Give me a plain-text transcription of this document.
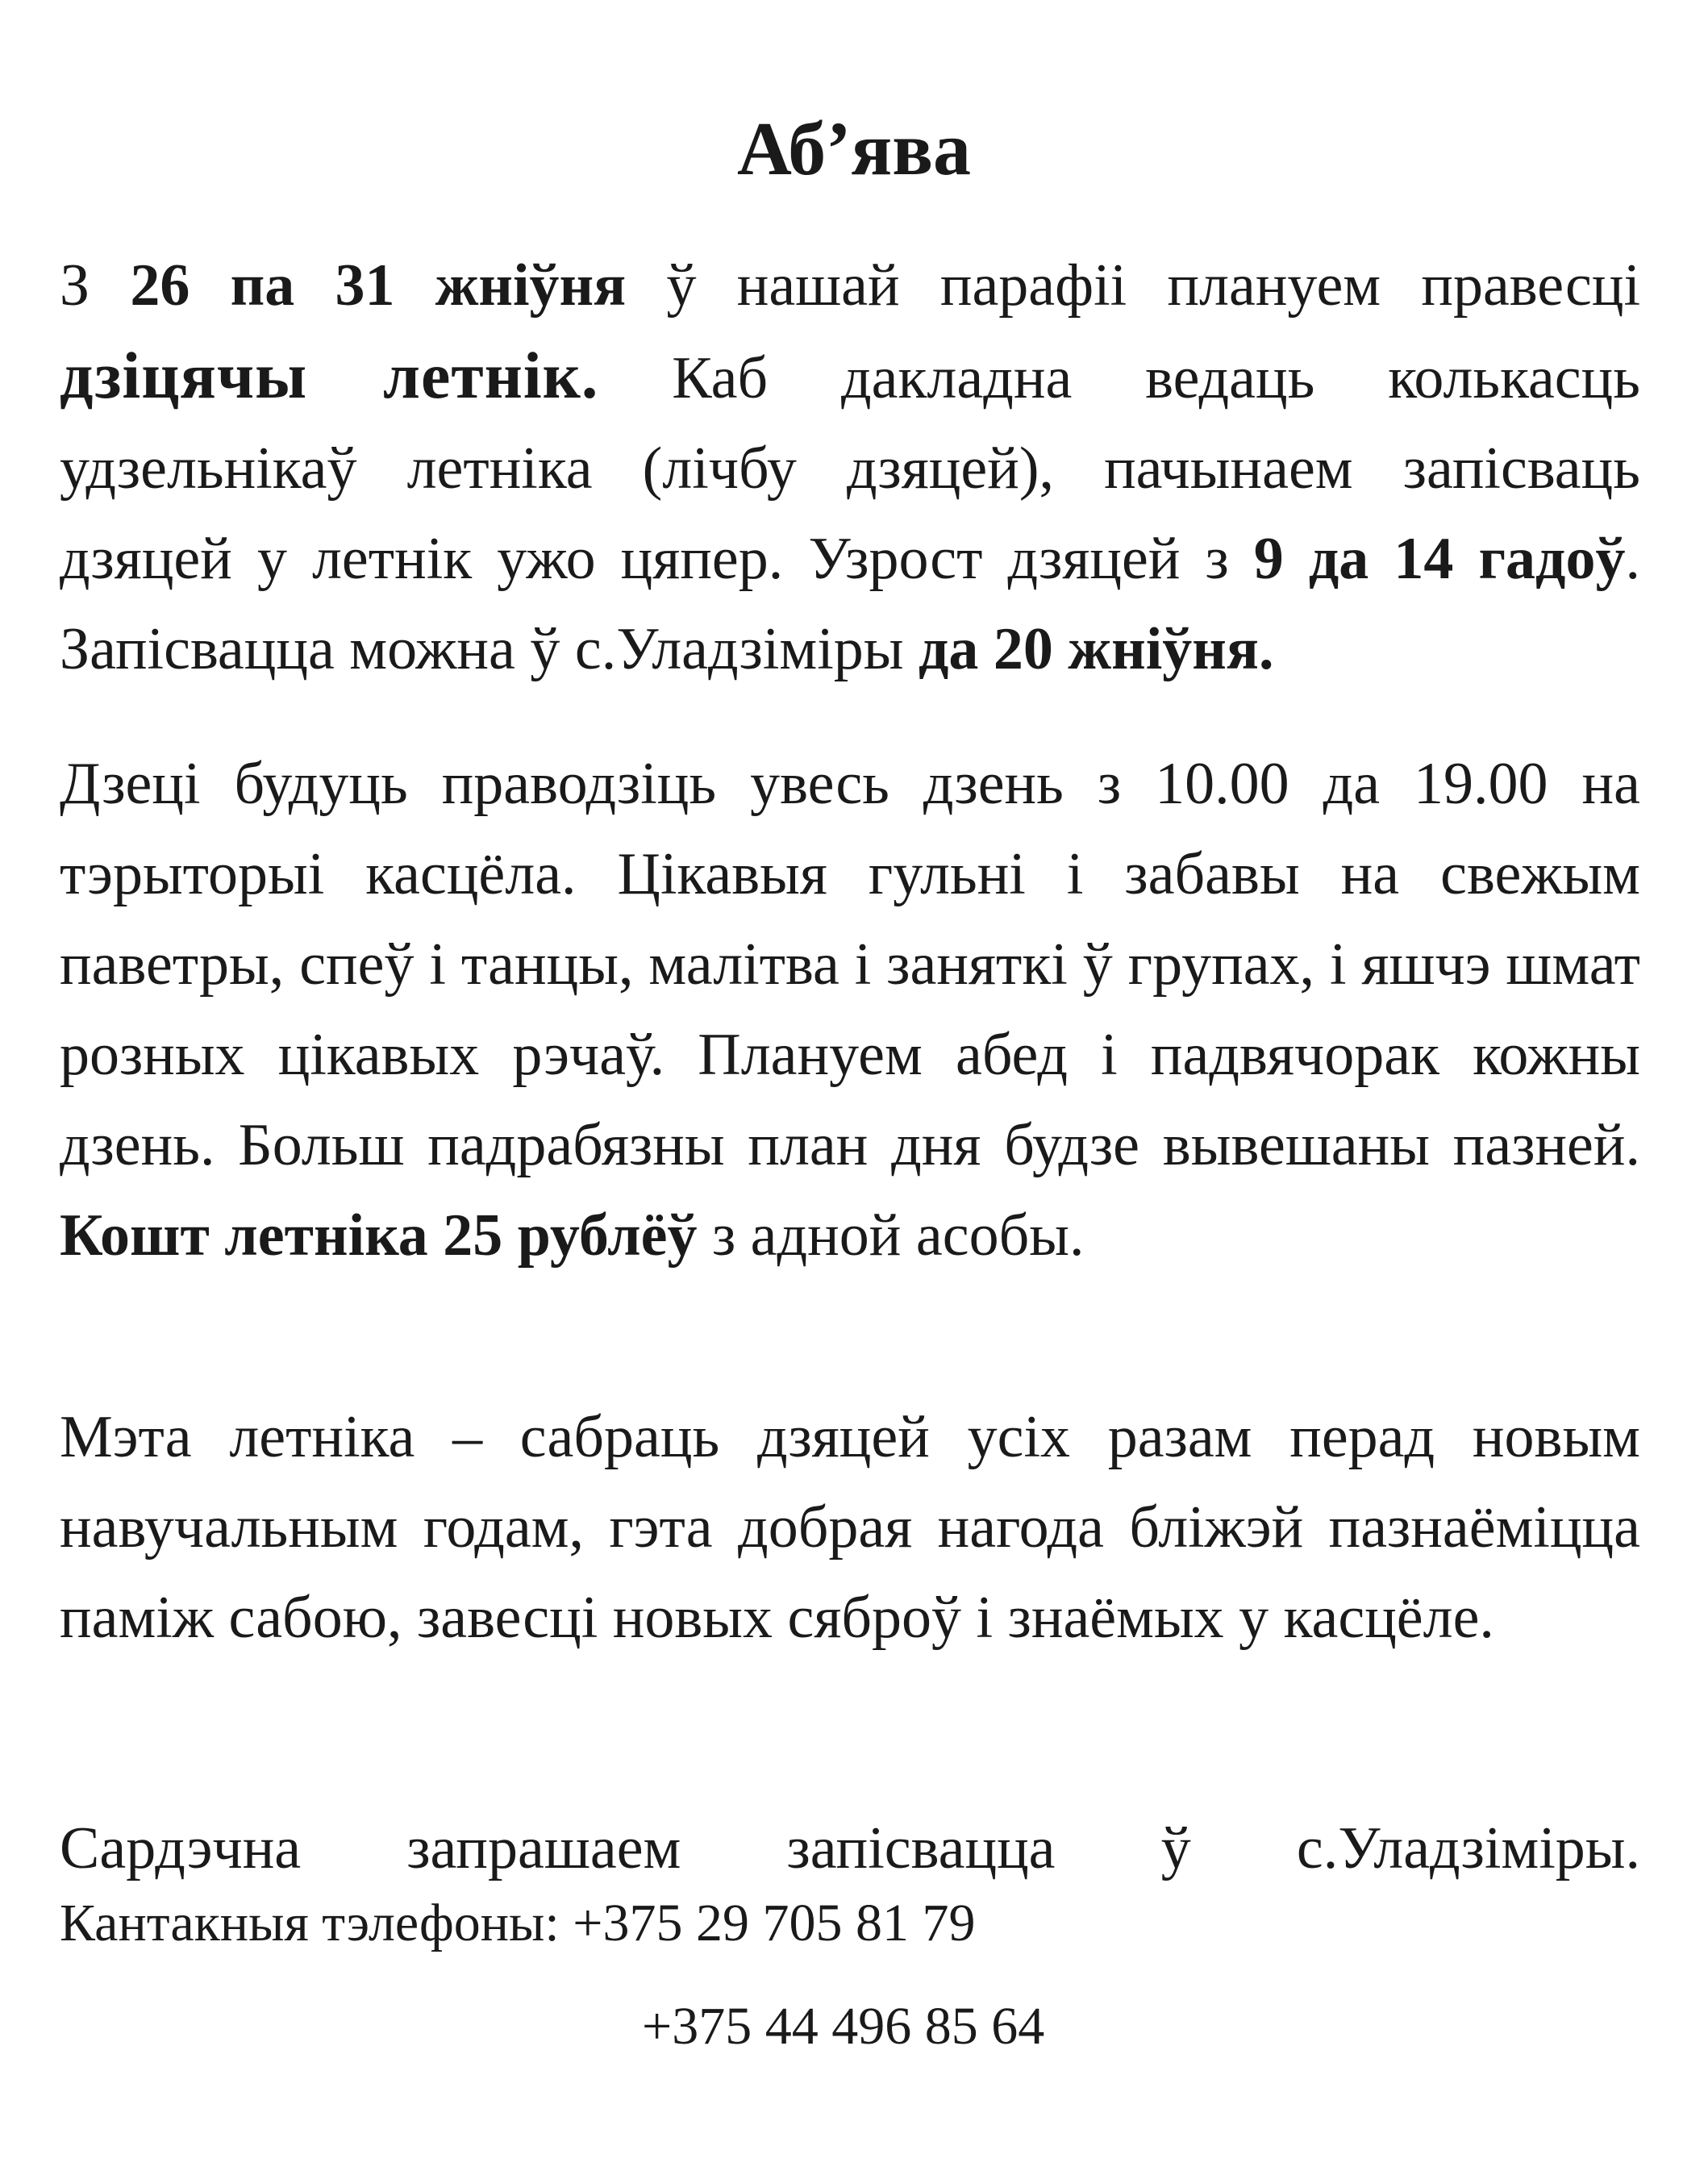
Аб’ява

З 26 па 31 жніўня ў нашай парафіі плануем правесці дзіцячы летнік. Каб дакладна ведаць колькасць удзельнікаў летніка (лічбу дзяцей), пачынаем запісваць дзяцей у летнік ужо цяпер. Узрост дзяцей з 9 да 14 гадоў. Запісвацца можна ў с.Уладзіміры да 20 жніўня.

Дзеці будуць праводзіць увесь дзень з 10.00 да 19.00 на тэрыторыі касцёла. Цікавыя гульні і забавы на свежым паветры, спеў і танцы, малітва і заняткі ў групах, і яшчэ шмат розных цікавых рэчаў. Плануем абед і падвячорак кожны дзень. Больш падрабязны план дня будзе вывешаны пазней. Кошт летніка 25 рублёў з адной асобы.

Мэта летніка – сабраць дзяцей усіх разам перад новым навучальным годам, гэта добрая нагода бліжэй пазнаёміцца паміж сабою, завесці новых сяброў і знаёмых у касцёле.

Сардэчна запрашаем запісвацца ў с.Уладзіміры.

Кантакныя тэлефоны: +375 29 705 81 79

+375 44 496 85 64
